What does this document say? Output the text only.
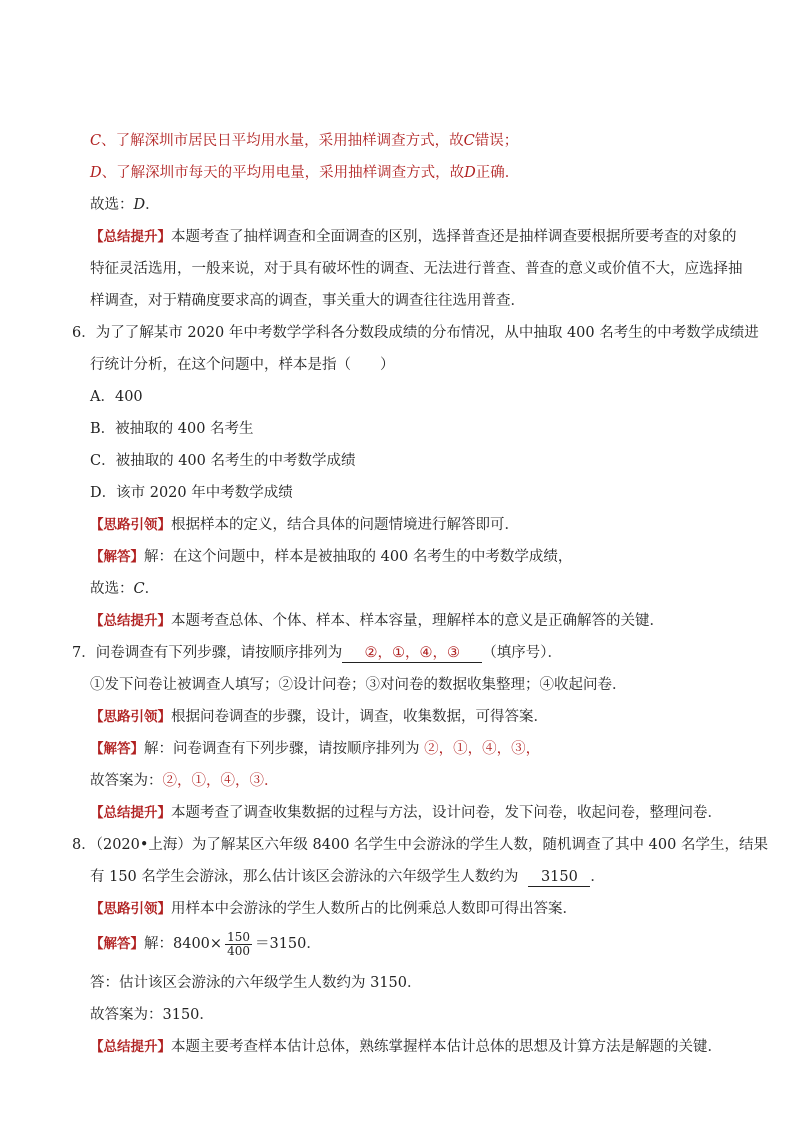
C、了解深圳市居民日平均用水量，采用抽样调查方式，故C错误；
D、了解深圳市每天的平均用电量，采用抽样调查方式，故D正确．
故选：D．
【总结提升】本题考查了抽样调查和全面调查的区别，选择普查还是抽样调查要根据所要考查的对象的
特征灵活选用，一般来说，对于具有破坏性的调查、无法进行普查、普查的意义或价值不大，应选择抽
样调查，对于精确度要求高的调查，事关重大的调查往往选用普查．
6．为了了解某市 2020 年中考数学学科各分数段成绩的分布情况，从中抽取 400 名考生的中考数学成绩进
行统计分析，在这个问题中，样本是指（　　）
A．400
B．被抽取的 400 名考生
C．被抽取的 400 名考生的中考数学成绩
D．该市 2020 年中考数学成绩
【思路引领】根据样本的定义，结合具体的问题情境进行解答即可．
【解答】解：在这个问题中，样本是被抽取的 400 名考生的中考数学成绩，
故选：C．
【总结提升】本题考查总体、个体、样本、样本容量，理解样本的意义是正确解答的关键．
7．问卷调查有下列步骤，请按顺序排列为 ②，①，④，③ （填序号）．
①发下问卷让被调查人填写；②设计问卷；③对问卷的数据收集整理；④收起问卷．
【思路引领】根据问卷调查的步骤，设计，调查，收集数据，可得答案．
【解答】解：问卷调查有下列步骤，请按顺序排列为 ②，①，④，③，
故答案为：②，①，④，③．
【总结提升】本题考查了调查收集数据的过程与方法，设计问卷，发下问卷，收起问卷，整理问卷．
8．（2020•上海）为了解某区六年级 8400 名学生中会游泳的学生人数，随机调查了其中 400 名学生，结果
有 150 名学生会游泳，那么估计该区会游泳的六年级学生人数约为 3150 ．
【思路引领】用样本中会游泳的学生人数所占的比例乘总人数即可得出答案．
【解答】解：$8400\times \frac{150}{400} =3150$．
答：估计该区会游泳的六年级学生人数约为 3150．
故答案为：3150．
【总结提升】本题主要考查样本估计总体，熟练掌握样本估计总体的思想及计算方法是解题的关键．
